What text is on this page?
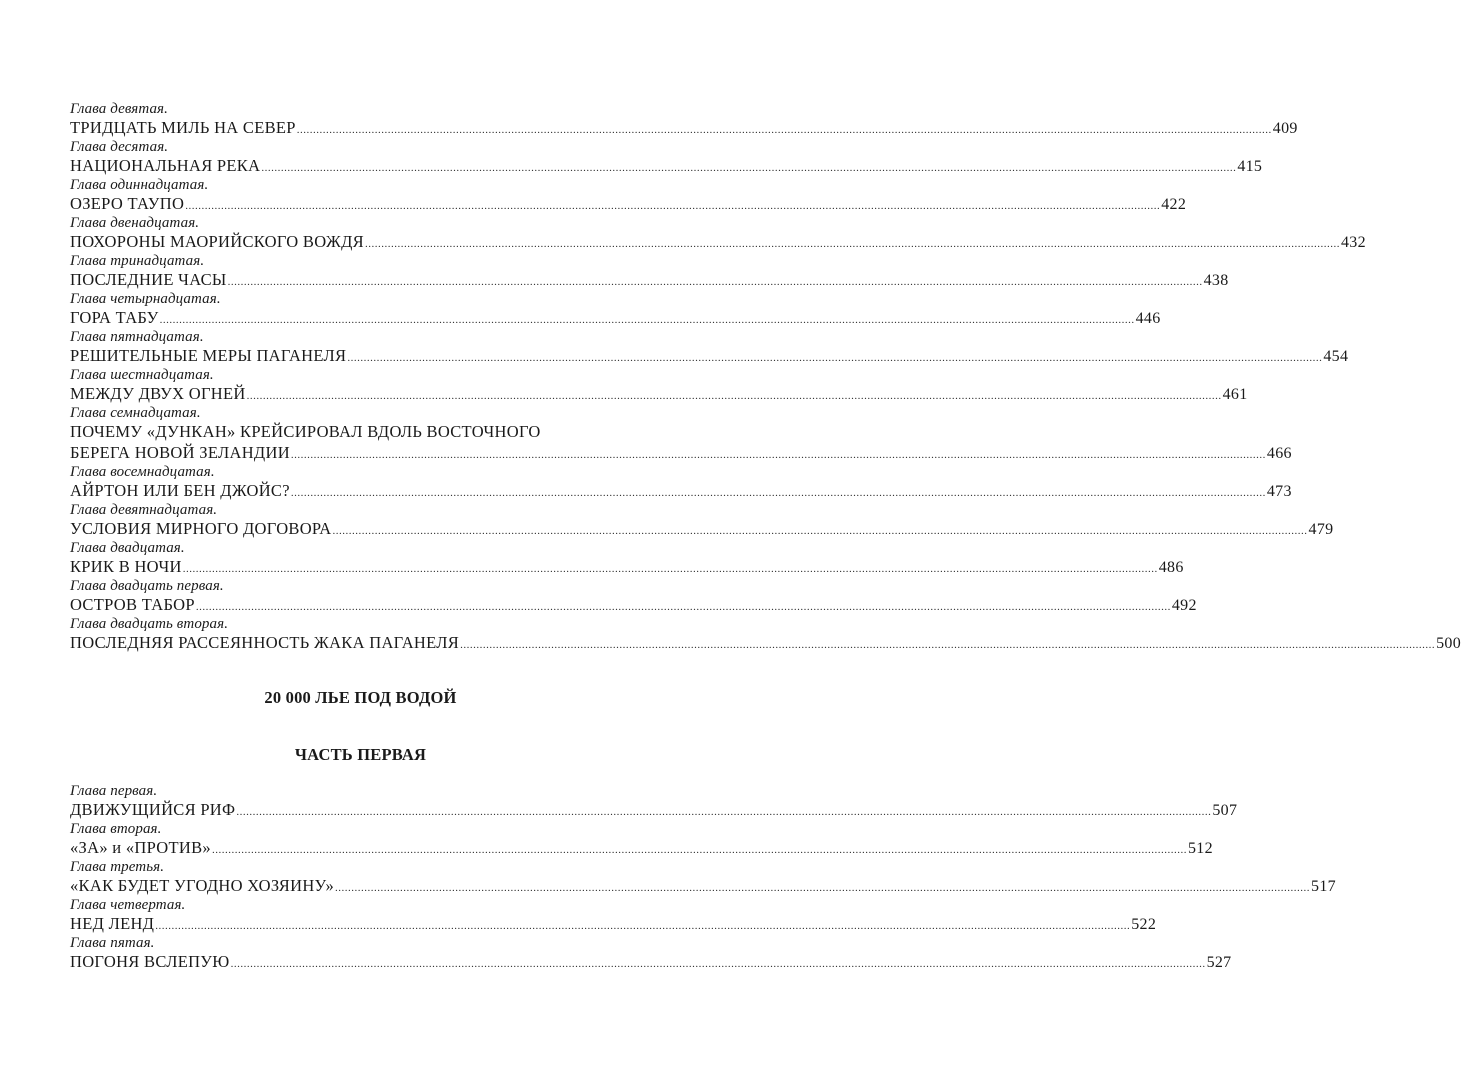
Глава девятая.
ТРИДЦАТЬ МИЛЬ НА СЕВЕР ............................................................................................................................................................................................................................................................................................................ 409
Глава десятая.
НАЦИОНАЛЬНАЯ РЕКА ............................................................................................................................................................................................................................................................................................................ 415
Глава одиннадцатая.
ОЗЕРО ТАУПО ............................................................................................................................................................................................................................................................................................................ 422
Глава двенадцатая.
ПОХОРОНЫ МАОРИЙСКОГО ВОЖДЯ ............................................................................................................................................................................................................................................................................................................ 432
Глава тринадцатая.
ПОСЛЕДНИЕ ЧАСЫ ............................................................................................................................................................................................................................................................................................................ 438
Глава четырнадцатая.
ГОРА ТАБУ ............................................................................................................................................................................................................................................................................................................ 446
Глава пятнадцатая.
РЕШИТЕЛЬНЫЕ МЕРЫ ПАГАНЕЛЯ ............................................................................................................................................................................................................................................................................................................ 454
Глава шестнадцатая.
МЕЖДУ ДВУХ ОГНЕЙ ............................................................................................................................................................................................................................................................................................................ 461
Глава семнадцатая.
ПОЧЕМУ «ДУНКАН» КРЕЙСИРОВАЛ ВДОЛЬ ВОСТОЧНОГО
БЕРЕГА НОВОЙ ЗЕЛАНДИИ ............................................................................................................................................................................................................................................................................................................ 466
Глава восемнадцатая.
АЙРТОН ИЛИ БЕН ДЖОЙС? ............................................................................................................................................................................................................................................................................................................ 473
Глава девятнадцатая.
УСЛОВИЯ МИРНОГО ДОГОВОРА ............................................................................................................................................................................................................................................................................................................ 479
Глава двадцатая.
КРИК В НОЧИ ............................................................................................................................................................................................................................................................................................................ 486
Глава двадцать первая.
ОСТРОВ ТАБОР ............................................................................................................................................................................................................................................................................................................ 492
Глава двадцать вторая.
ПОСЛЕДНЯЯ РАССЕЯННОСТЬ ЖАКА ПАГАНЕЛЯ ............................................................................................................................................................................................................................................................................................................ 500
20 000 ЛЬЕ ПОД ВОДОЙ
ЧАСТЬ ПЕРВАЯ
Глава первая.
ДВИЖУЩИЙСЯ РИФ ............................................................................................................................................................................................................................................................................................................ 507
Глава вторая.
«ЗА» и «ПРОТИВ» ............................................................................................................................................................................................................................................................................................................ 512
Глава третья.
«КАК БУДЕТ УГОДНО ХОЗЯИНУ» ............................................................................................................................................................................................................................................................................................................ 517
Глава четвертая.
НЕД ЛЕНД ............................................................................................................................................................................................................................................................................................................ 522
Глава пятая.
ПОГОНЯ ВСЛЕПУЮ ............................................................................................................................................................................................................................................................................................................ 527
